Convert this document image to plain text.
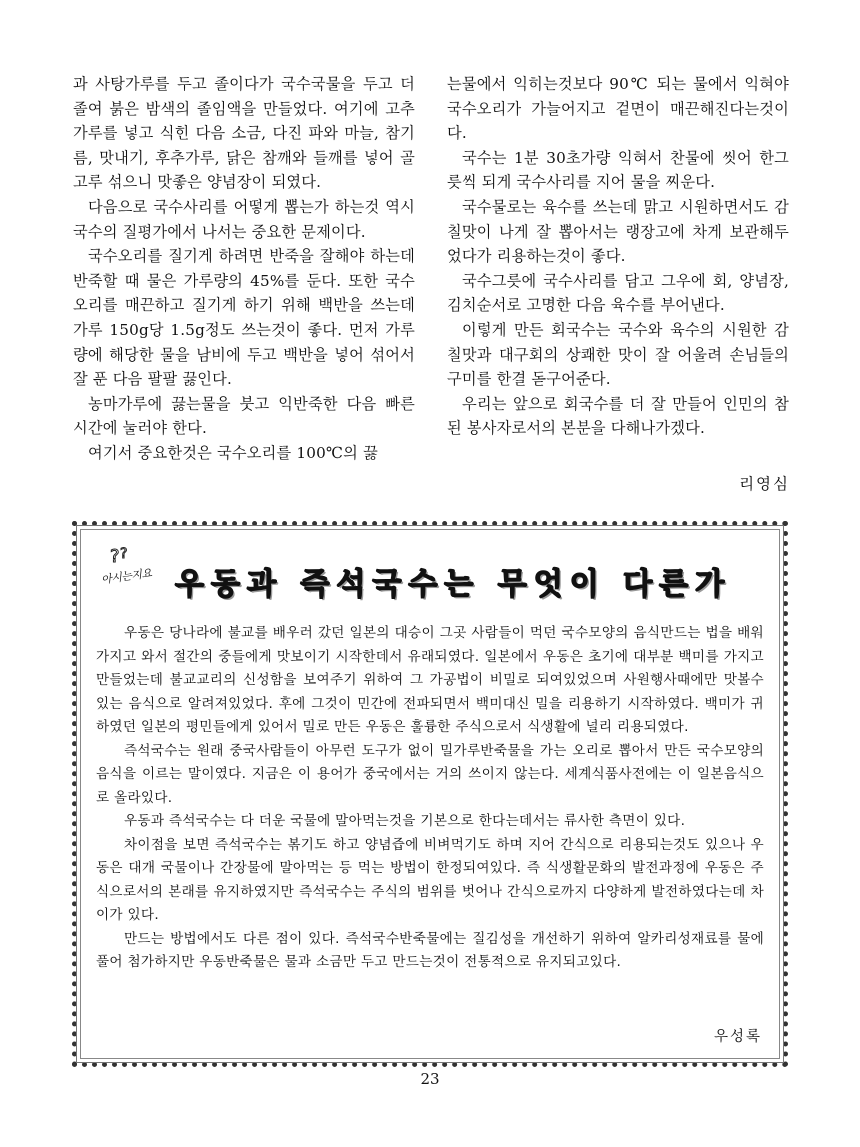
과 사탕가루를 두고 졸이다가 국수국물을 두고 더 졸여 붉은 밤색의 졸임액을 만들었다. 여기에 고추가루를 넣고 식힌 다음 소금, 다진 파와 마늘, 참기름, 맛내기, 후추가루, 닭은 참깨와 들깨를 넣어 골고루 섞으니 맛좋은 양념장이 되였다.

다음으로 국수사리를 어떻게 뽑는가 하는것 역시 국수의 질평가에서 나서는 중요한 문제이다.

국수오리를 질기게 하려면 반죽을 잘해야 하는데 반죽할 때 물은 가루량의 45%를 둔다. 또한 국수오리를 매끈하고 질기게 하기 위해 백반을 쓰는데 가루 150g당 1.5g정도 쓰는것이 좋다. 먼저 가루량에 해당한 물을 남비에 두고 백반을 넣어 섞어서 잘 푼 다음 팔팔 끓인다.

농마가루에 끓는물을 붓고 익반죽한 다음 빠른 시간에 눌러야 한다.

여기서 중요한것은 국수오리를 100℃의 끓

는물에서 익히는것보다 90℃ 되는 물에서 익혀야 국수오리가 가늘어지고 겉면이 매끈해진다는것이다.

국수는 1분 30초가량 익혀서 찬물에 씻어 한그릇씩 되게 국수사리를 지어 물을 찌운다.

국수물로는 육수를 쓰는데 맑고 시원하면서도 감칠맛이 나게 잘 뽑아서는 랭장고에 차게 보관해두었다가 리용하는것이 좋다.

국수그릇에 국수사리를 담고 그우에 회, 양념장, 김치순서로 고명한 다음 육수를 부어낸다.

이렇게 만든 회국수는 국수와 육수의 시원한 감칠맛과 대구회의 상쾌한 맛이 잘 어울려 손님들의 구미를 한결 돋구어준다.

우리는 앞으로 회국수를 더 잘 만들어 인민의 참된 봉사자로서의 본분을 다해나가겠다.

리영심
? ?
아시는지요 우동과 즉석국수는 무엇이 다른가

우동은 당나라에 불교를 배우러 갔던 일본의 대승이 그곳 사람들이 먹던 국수모양의 음식만드는 법을 배워가지고 와서 절간의 중들에게 맛보이기 시작한데서 유래되였다. 일본에서 우동은 초기에 대부분 백미를 가지고 만들었는데 불교교리의 신성함을 보여주기 위하여 그 가공법이 비밀로 되여있었으며 사원행사때에만 맛볼수 있는 음식으로 알려져있었다. 후에 그것이 민간에 전파되면서 백미대신 밀을 리용하기 시작하였다. 백미가 귀하였던 일본의 평민들에게 있어서 밀로 만든 우동은 훌륭한 주식으로서 식생활에 널리 리용되였다.

즉석국수는 원래 중국사람들이 아무런 도구가 없이 밀가루반죽물을 가는 오리로 뽑아서 만든 국수모양의 음식을 이르는 말이였다. 지금은 이 용어가 중국에서는 거의 쓰이지 않는다. 세계식품사전에는 이 일본음식으로 올라있다.

우동과 즉석국수는 다 더운 국물에 말아먹는것을 기본으로 한다는데서는 류사한 측면이 있다.

차이점을 보면 즉석국수는 볶기도 하고 양념즙에 비벼먹기도 하며 지어 간식으로 리용되는것도 있으나 우동은 대개 국물이나 간장물에 말아먹는 등 먹는 방법이 한정되여있다. 즉 식생활문화의 발전과정에 우동은 주식으로서의 본래를 유지하였지만 즉석국수는 주식의 범위를 벗어나 간식으로까지 다양하게 발전하였다는데 차이가 있다.

만드는 방법에서도 다른 점이 있다. 즉석국수반죽물에는 질김성을 개선하기 위하여 알카리성재료를 물에 풀어 첨가하지만 우동반죽물은 물과 소금만 두고 만드는것이 전통적으로 유지되고있다.

우성록
23
